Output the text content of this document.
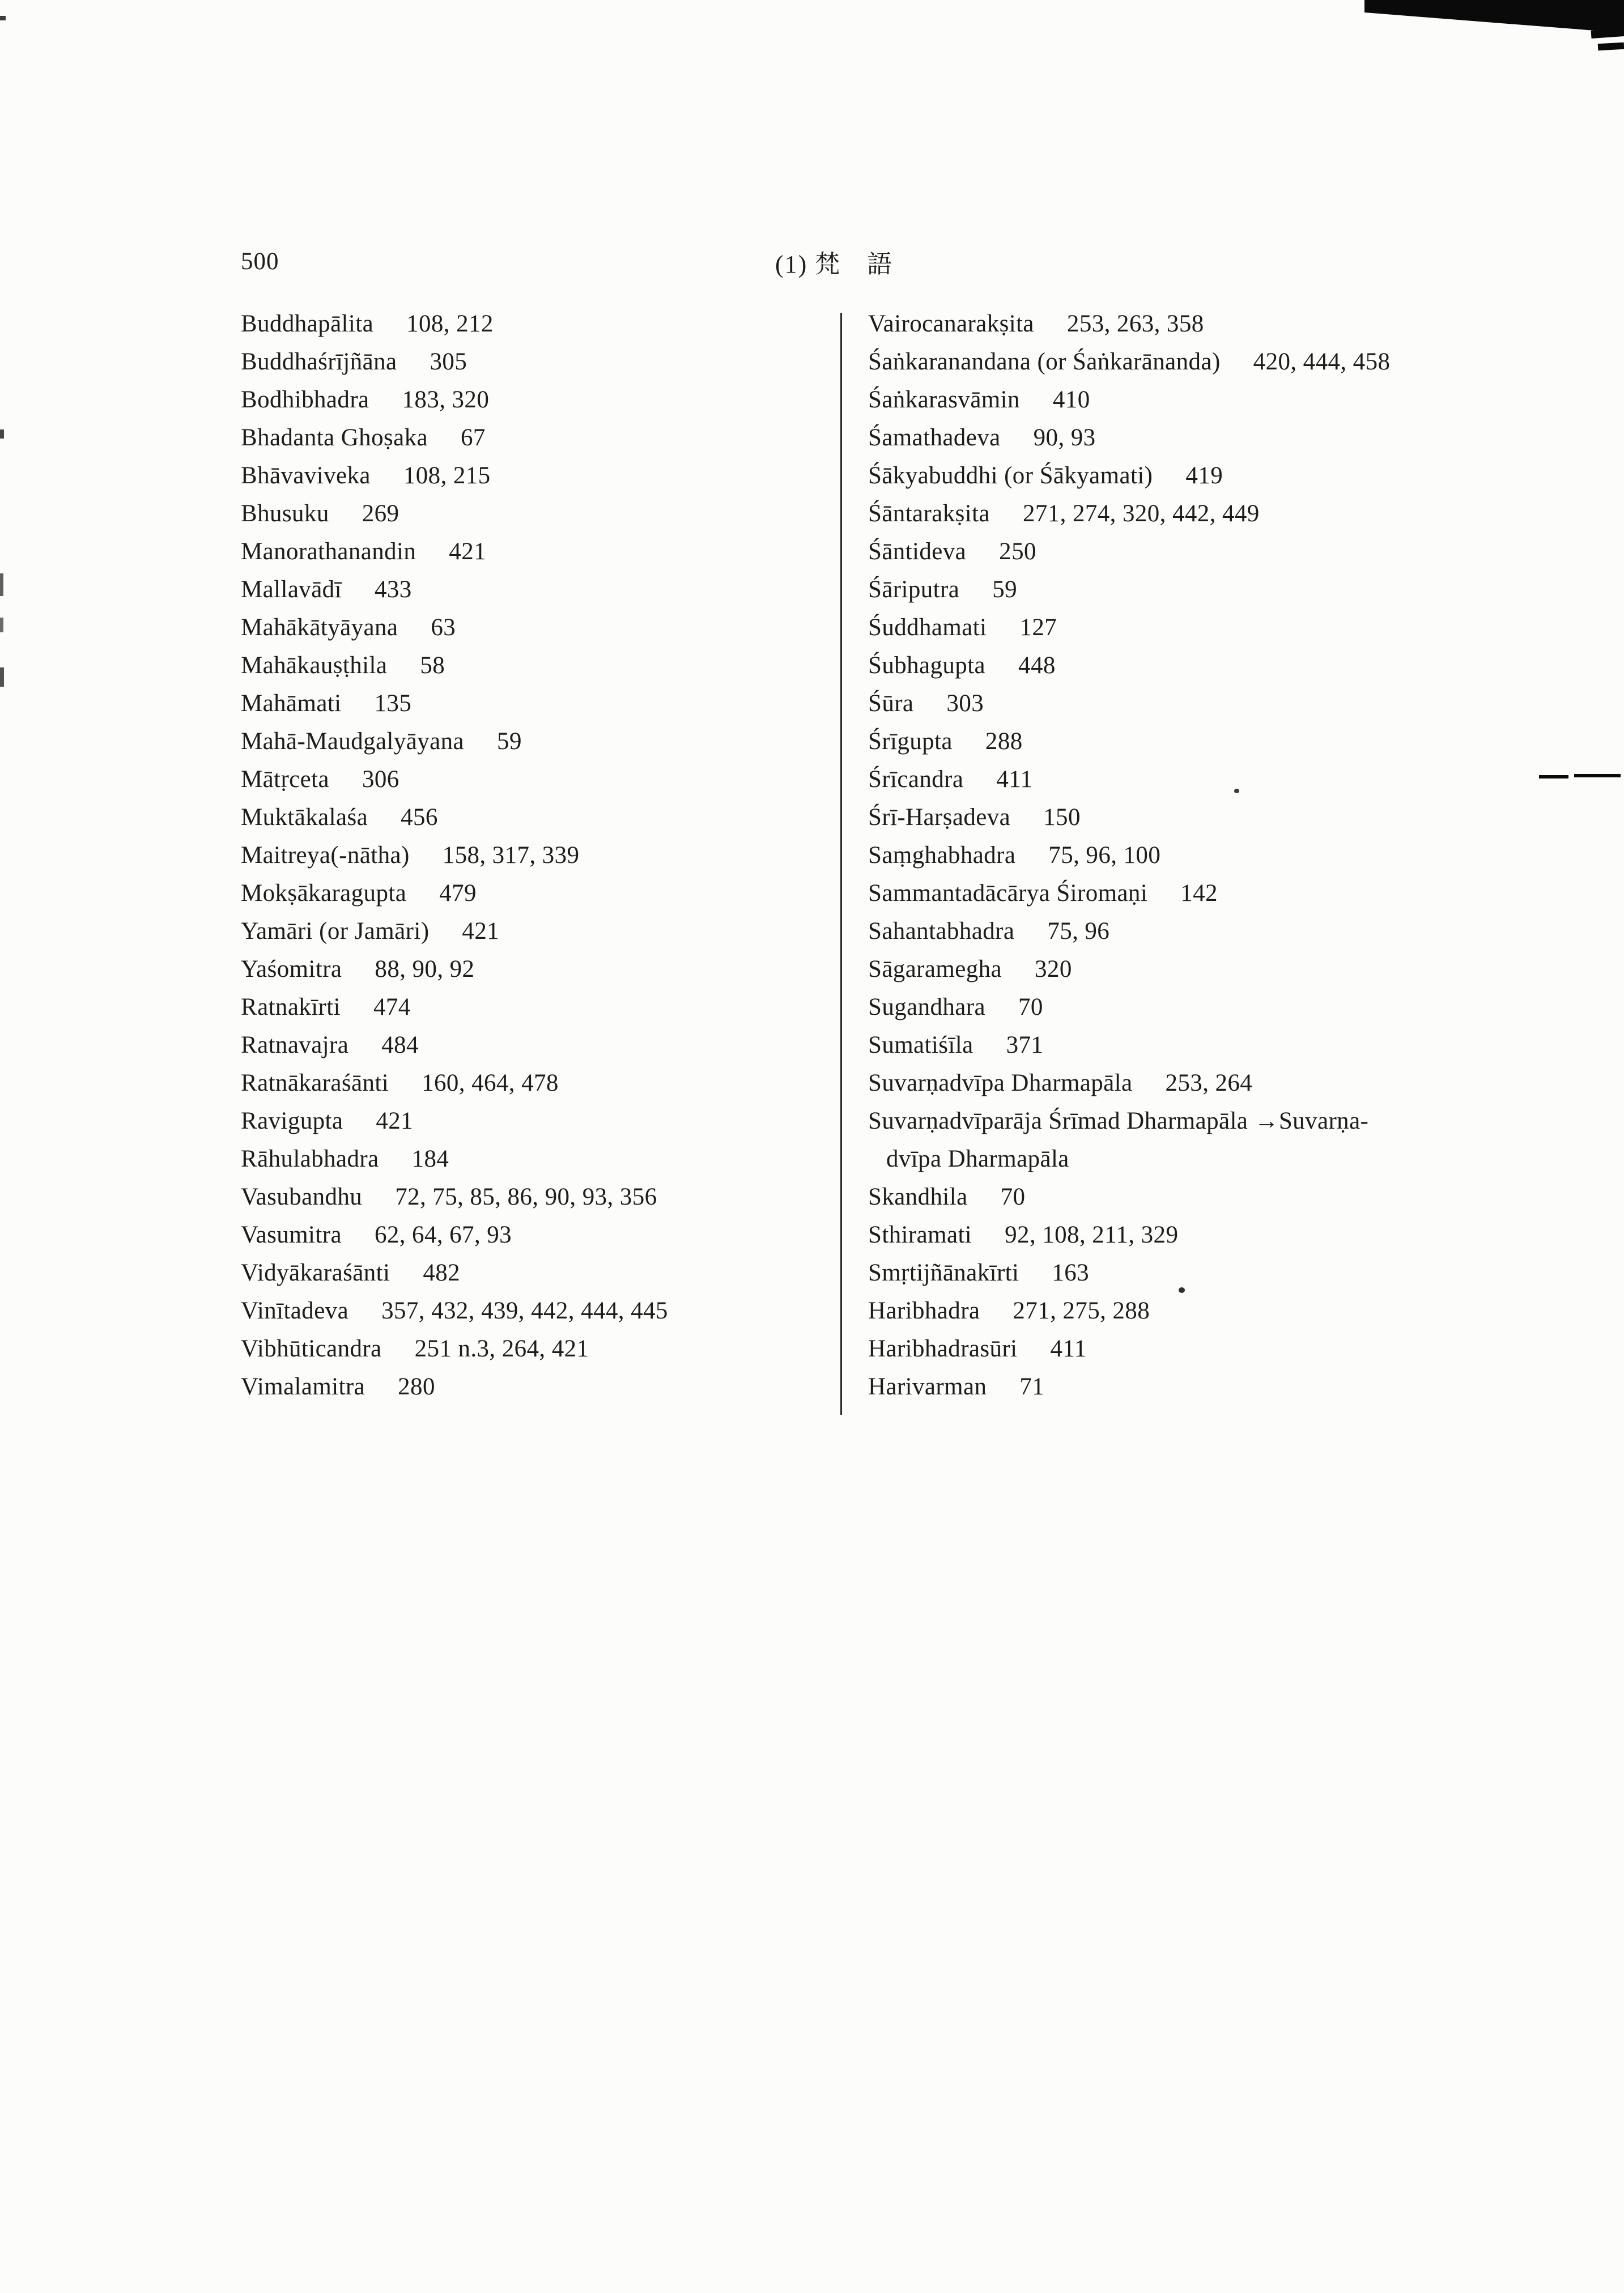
500	(1) 梵　語
Buddhapālita 108, 212
Buddhaśrījñāna 305
Bodhibhadra 183, 320
Bhadanta Ghoṣaka 67
Bhāvaviveka 108, 215
Bhusuku 269
Manorathanandin 421
Mallavādī 433
Mahākātyāyana 63
Mahākauṣṭhila 58
Mahāmati 135
Mahā-Maudgalyāyana 59
Mātṛceta 306
Muktākalaśa 456
Maitreya(-nātha) 158, 317, 339
Mokṣākaragupta 479
Yamāri (or Jamāri) 421
Yaśomitra 88, 90, 92
Ratnakīrti 474
Ratnavajra 484
Ratnākaraśānti 160, 464, 478
Ravigupta 421
Rāhulabhadra 184
Vasubandhu 72, 75, 85, 86, 90, 93, 356
Vasumitra 62, 64, 67, 93
Vidyākaraśānti 482
Vinītadeva 357, 432, 439, 442, 444, 445
Vibhūticandra 251 n.3, 264, 421
Vimalamitra 280
Vairocanarakṣita 253, 263, 358
Śaṅkaranandana (or Śaṅkarānanda) 420, 444, 458
Śaṅkarasvāmin 410
Śamathadeva 90, 93
Śākyabuddhi (or Śākyamati) 419
Śāntarakṣita 271, 274, 320, 442, 449
Śāntideva 250
Śāriputra 59
Śuddhamati 127
Śubhagupta 448
Śūra 303
Śrīgupta 288
Śrīcandra 411
Śrī-Harṣadeva 150
Saṃghabhadra 75, 96, 100
Sammantadācārya Śiromaṇi 142
Sahantabhadra 75, 96
Sāgaramegha 320
Sugandhara 70
Sumatiśīla 371
Suvarṇadvīpa Dharmapāla 253, 264
Suvarṇadvīparāja Śrīmad Dharmapāla →Suvarṇa-
dvīpa Dharmapāla
Skandhila 70
Sthiramati 92, 108, 211, 329
Smṛtijñānakīrti 163
Haribhadra 271, 275, 288
Haribhadrasūri 411
Harivarman 71
